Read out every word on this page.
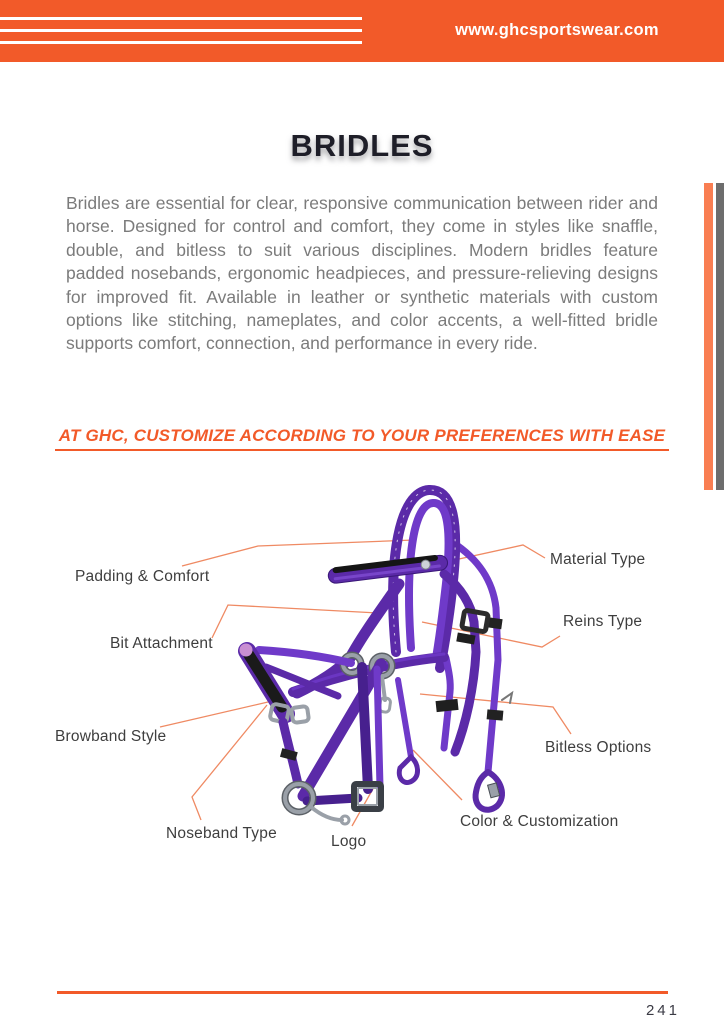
www.ghcsportswear.com
BRIDLES

Bridles are essential for clear, responsive communication between rider and horse. Designed for control and comfort, they come in styles like snaffle, double, and bitless to suit various disciplines. Modern bridles feature padded nosebands, ergonomic headpieces, and pressure-relieving designs for improved fit. Available in leather or synthetic materials with custom options like stitching, nameplates, and color accents, a well-fitted bridle supports comfort, connection, and performance in every ride.

AT GHC, CUSTOMIZE ACCORDING TO YOUR PREFERENCES WITH EASE
Padding & Comfort
Bit Attachment
Browband Style
Noseband Type	Logo
Material Type
Reins Type
Bitless Options
Color & Customization
241
